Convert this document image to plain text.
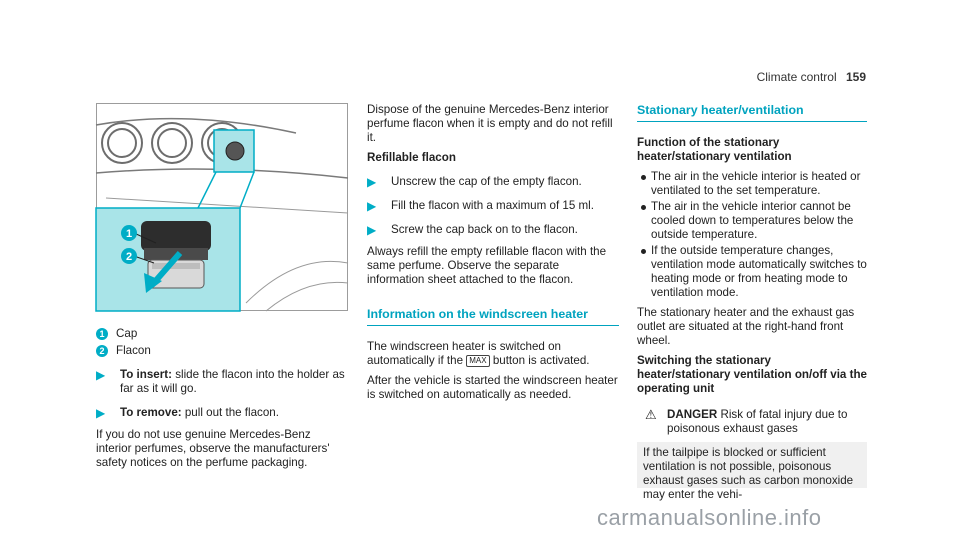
Climate control 159
1
2
1 Cap
2 Flacon
▶	To insert: slide the flacon into the holder as far as it will go.
▶	To remove: pull out the flacon.

If you do not use genuine Mercedes-Benz interior perfumes, observe the manufacturers' safety notices on the perfume packaging.

Dispose of the genuine Mercedes-Benz interior perfume flacon when it is empty and do not refill it.

Refillable flacon

▶	Unscrew the cap of the empty flacon.
▶	Fill the flacon with a maximum of 15 ml.
▶	Screw the cap back on to the flacon.

Always refill the empty refillable flacon with the same perfume. Observe the separate information sheet attached to the flacon.

Information on the windscreen heater

The windscreen heater is switched on automatically if the MAX button is activated.

After the vehicle is started the windscreen heater is switched on automatically as needed.

Stationary heater/ventilation

Function of the stationary heater/stationary ventilation

The air in the vehicle interior is heated or ventilated to the set temperature.
The air in the vehicle interior cannot be cooled down to temperatures below the outside temperature.
If the outside temperature changes, ventilation mode automatically switches to heating mode or from heating mode to ventilation mode.

The stationary heater and the exhaust gas outlet are situated at the right-hand front wheel.

Switching the stationary heater/stationary ventilation on/off via the operating unit

⚠ DANGER Risk of fatal injury due to poisonous exhaust gases
If the tailpipe is blocked or sufficient ventilation is not possible, poisonous exhaust gases such as carbon monoxide may enter the vehi-
carmanualsonline.info
